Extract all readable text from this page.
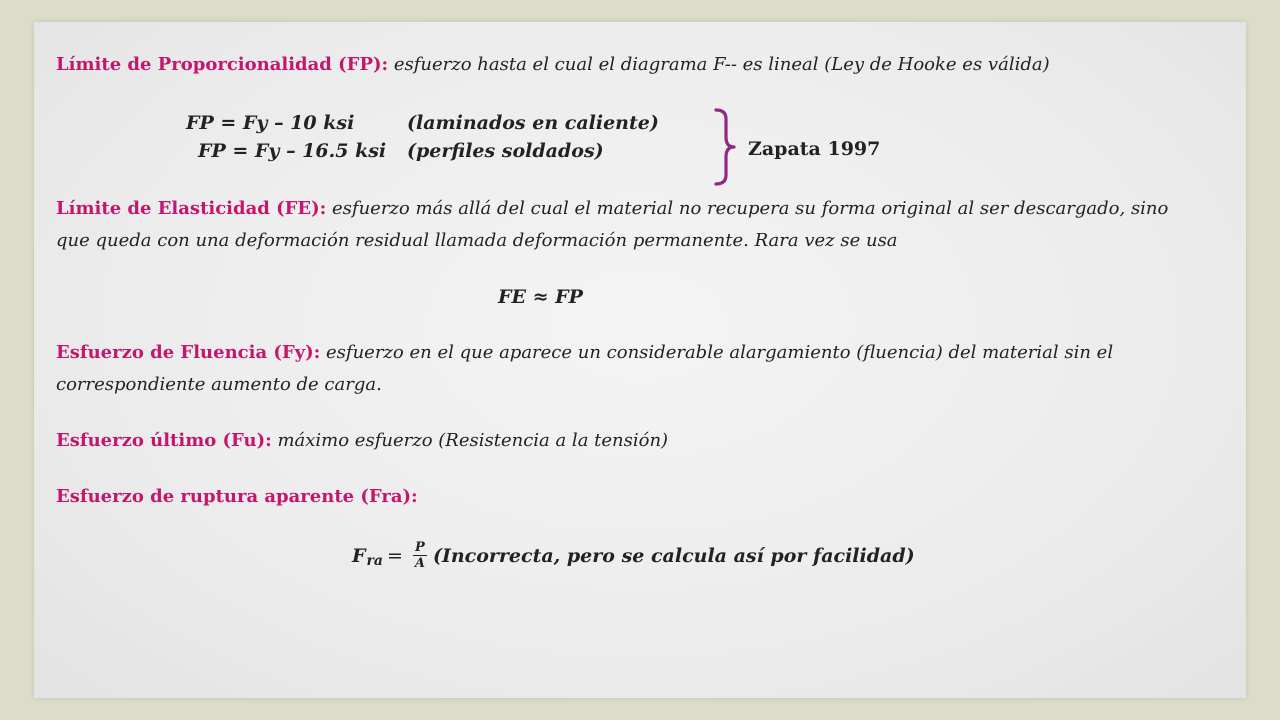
Límite de Proporcionalidad (FP): esfuerzo hasta el cual el diagrama F-‐ es lineal (Ley de Hooke es válida)
FP = Fy – 10 ksi	(laminados en caliente)
FP = Fy – 16.5 ksi (perfiles soldados)	Zapata 1997
Límite de Elasticidad (FE): esfuerzo más allá del cual el material no recupera su forma original al ser descargado, sino
que queda con una deformación residual llamada deformación permanente. Rara vez se usa
FE ≈ FP
Esfuerzo de Fluencia (Fy): esfuerzo en el que aparece un considerable alargamiento (fluencia) del material sin el
correspondiente aumento de carga.
Esfuerzo último (Fu): máximo esfuerzo (Resistencia a la tensión)
Esfuerzo de ruptura aparente (Fra):
F ra = $\frac{P}{A}$ (Incorrecta, pero se calcula así por facilidad)
